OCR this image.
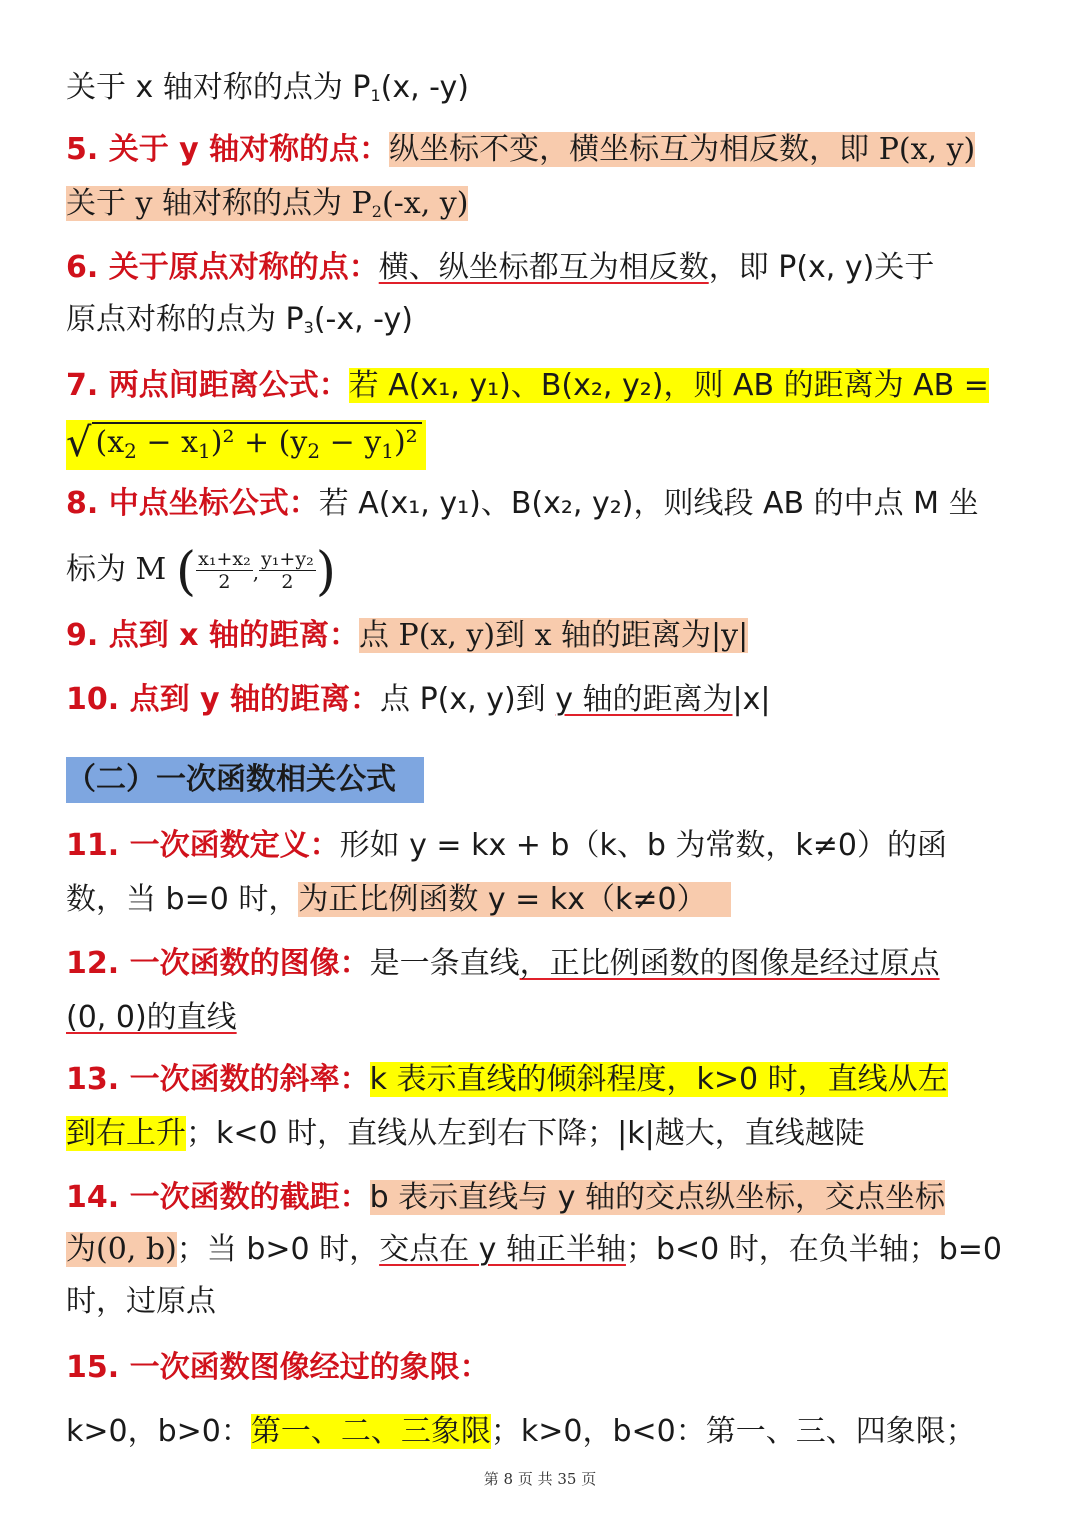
关于 x 轴对称的点为 $P_1(x$, -y)
5. 关于 y 轴对称的点：纵坐标不变，横坐标互为相反数，即 P(x, y)
关于 y 轴对称的点为 $P_2(-x$, y)
6. 关于原点对称的点：横、纵坐标都互为相反数，即 P(x, y)关于
原点对称的点为 $P_3(-x$, -y)
7. 两点间距离公式：若 A(x₁, y₁)、B(x₂, y₂)，则 AB 的距离为 AB =
√ $(x_2 - x_1)^2 + (y_2 - y_1)^2$
8. 中点坐标公式：若 A(x₁, y₁)、B(x₂, y₂)，则线段 AB 的中点 M 坐
标为 M ( $\frac{\text{x₁+x₂}}{2}$ , $\frac{\text{y₁+y₂}}{2}$ )
9. 点到 x 轴的距离：点 P(x, y)到 x 轴的距离为|y|
10. 点到 y 轴的距离：点 P(x, y)到 y 轴的距离为|x|
（二）一次函数相关公式
11. 一次函数定义：形如 y = kx + b（k、b 为常数，k≠0）的函
数，当 b=0 时，为正比例函数 y = kx（k≠0）
12. 一次函数的图像：是一条直线，正比例函数的图像是经过原点
(0, 0)的直线
13. 一次函数的斜率：k 表示直线的倾斜程度，k>0 时，直线从左
到右上升；k<0 时，直线从左到右下降；|k|越大，直线越陡
14. 一次函数的截距：b 表示直线与 y 轴的交点纵坐标，交点坐标
为(0, b)；当 b>0 时，交点在 y 轴正半轴；b<0 时，在负半轴；b=0
时，过原点
15. 一次函数图像经过的象限：
k>0，b>0：第一、二、三象限；k>0，b<0：第一、三、四象限；
第 8 页 共 35 页
